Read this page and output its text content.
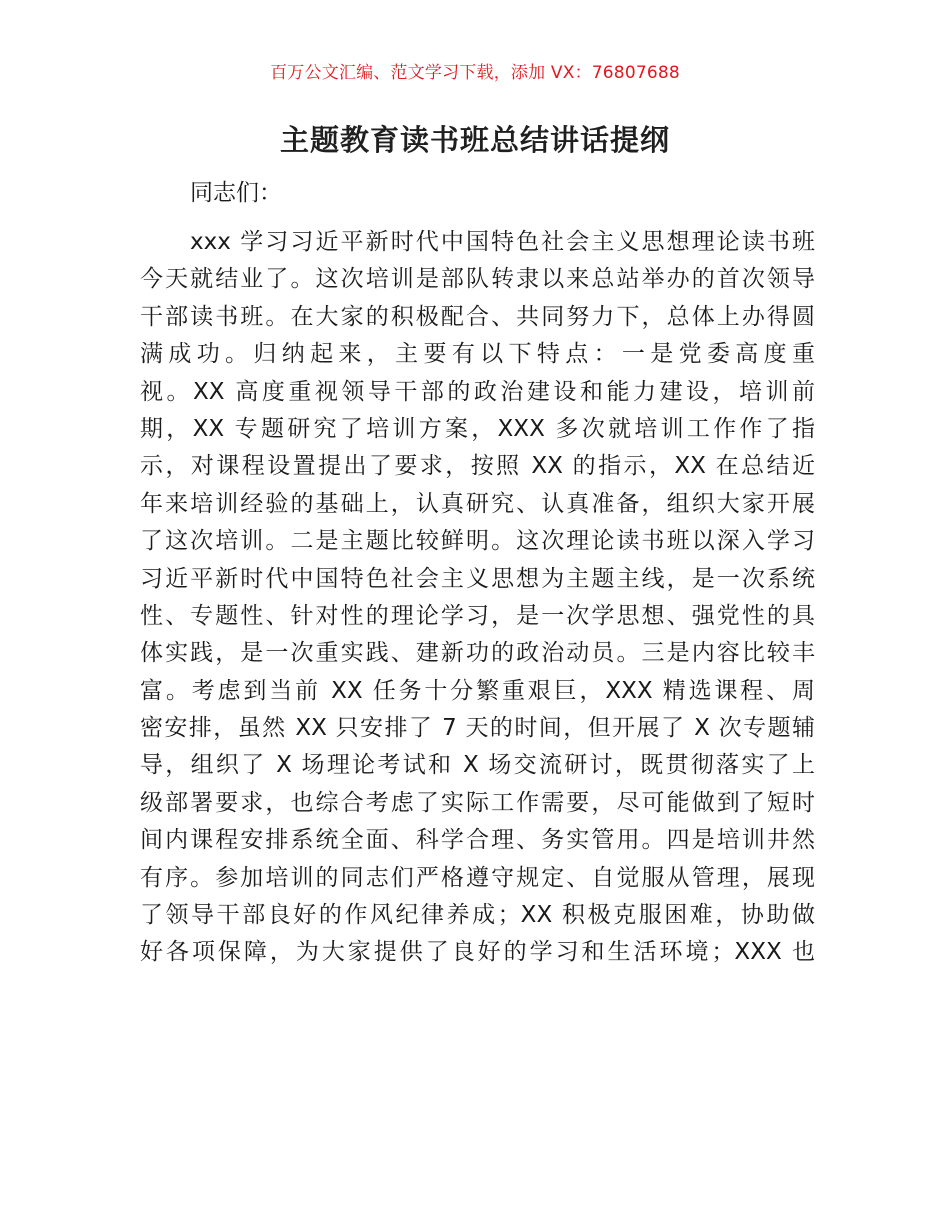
百万公文汇编、范文学习下载，添加 VX：76807688
主题教育读书班总结讲话提纲
同志们：
xxx 学习习近平新时代中国特色社会主义思想理论读书班
今天就结业了。这次培训是部队转隶以来总站举办的首次领导
干部读书班。在大家的积极配合、共同努力下，总体上办得圆
满成功。归纳起来，主要有以下特点：一是党委高度重
视。XX 高度重视领导干部的政治建设和能力建设，培训前
期，XX 专题研究了培训方案，XXX 多次就培训工作作了指
示，对课程设置提出了要求，按照 XX 的指示，XX 在总结近
年来培训经验的基础上，认真研究、认真准备，组织大家开展
了这次培训。二是主题比较鲜明。这次理论读书班以深入学习
习近平新时代中国特色社会主义思想为主题主线，是一次系统
性、专题性、针对性的理论学习，是一次学思想、强党性的具
体实践，是一次重实践、建新功的政治动员。三是内容比较丰
富。考虑到当前 XX 任务十分繁重艰巨，XXX 精选课程、周
密安排，虽然 XX 只安排了 7 天的时间，但开展了 X 次专题辅
导，组织了 X 场理论考试和 X 场交流研讨，既贯彻落实了上
级部署要求，也综合考虑了实际工作需要，尽可能做到了短时
间内课程安排系统全面、科学合理、务实管用。四是培训井然
有序。参加培训的同志们严格遵守规定、自觉服从管理，展现
了领导干部良好的作风纪律养成；XX 积极克服困难，协助做
好各项保障，为大家提供了良好的学习和生活环境；XXX 也
